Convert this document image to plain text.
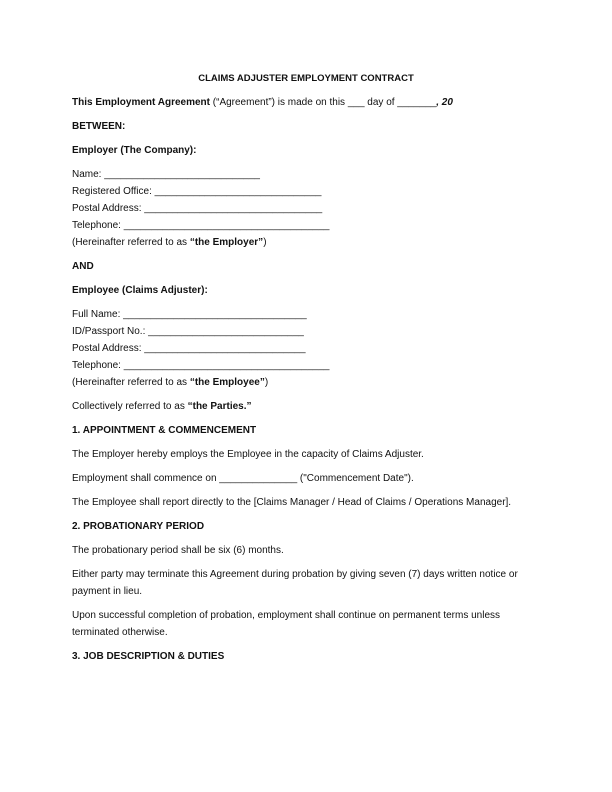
CLAIMS ADJUSTER EMPLOYMENT CONTRACT
This Employment Agreement (“Agreement”) is made on this ___ day of _______, 20
BETWEEN:
Employer (The Company):
Name: ____________________________
Registered Office: ______________________________
Postal Address: ________________________________
Telephone: _____________________________________
(Hereinafter referred to as “the Employer”)
AND
Employee (Claims Adjuster):
Full Name: _________________________________
ID/Passport No.: ____________________________
Postal Address: _____________________________
Telephone: _____________________________________
(Hereinafter referred to as “the Employee”)
Collectively referred to as “the Parties.”
1. APPOINTMENT & COMMENCEMENT
The Employer hereby employs the Employee in the capacity of Claims Adjuster.
Employment shall commence on ______________ ("Commencement Date").
The Employee shall report directly to the [Claims Manager / Head of Claims / Operations Manager].
2. PROBATIONARY PERIOD
The probationary period shall be six (6) months.
Either party may terminate this Agreement during probation by giving seven (7) days written notice or payment in lieu.
Upon successful completion of probation, employment shall continue on permanent terms unless terminated otherwise.
3. JOB DESCRIPTION & DUTIES
